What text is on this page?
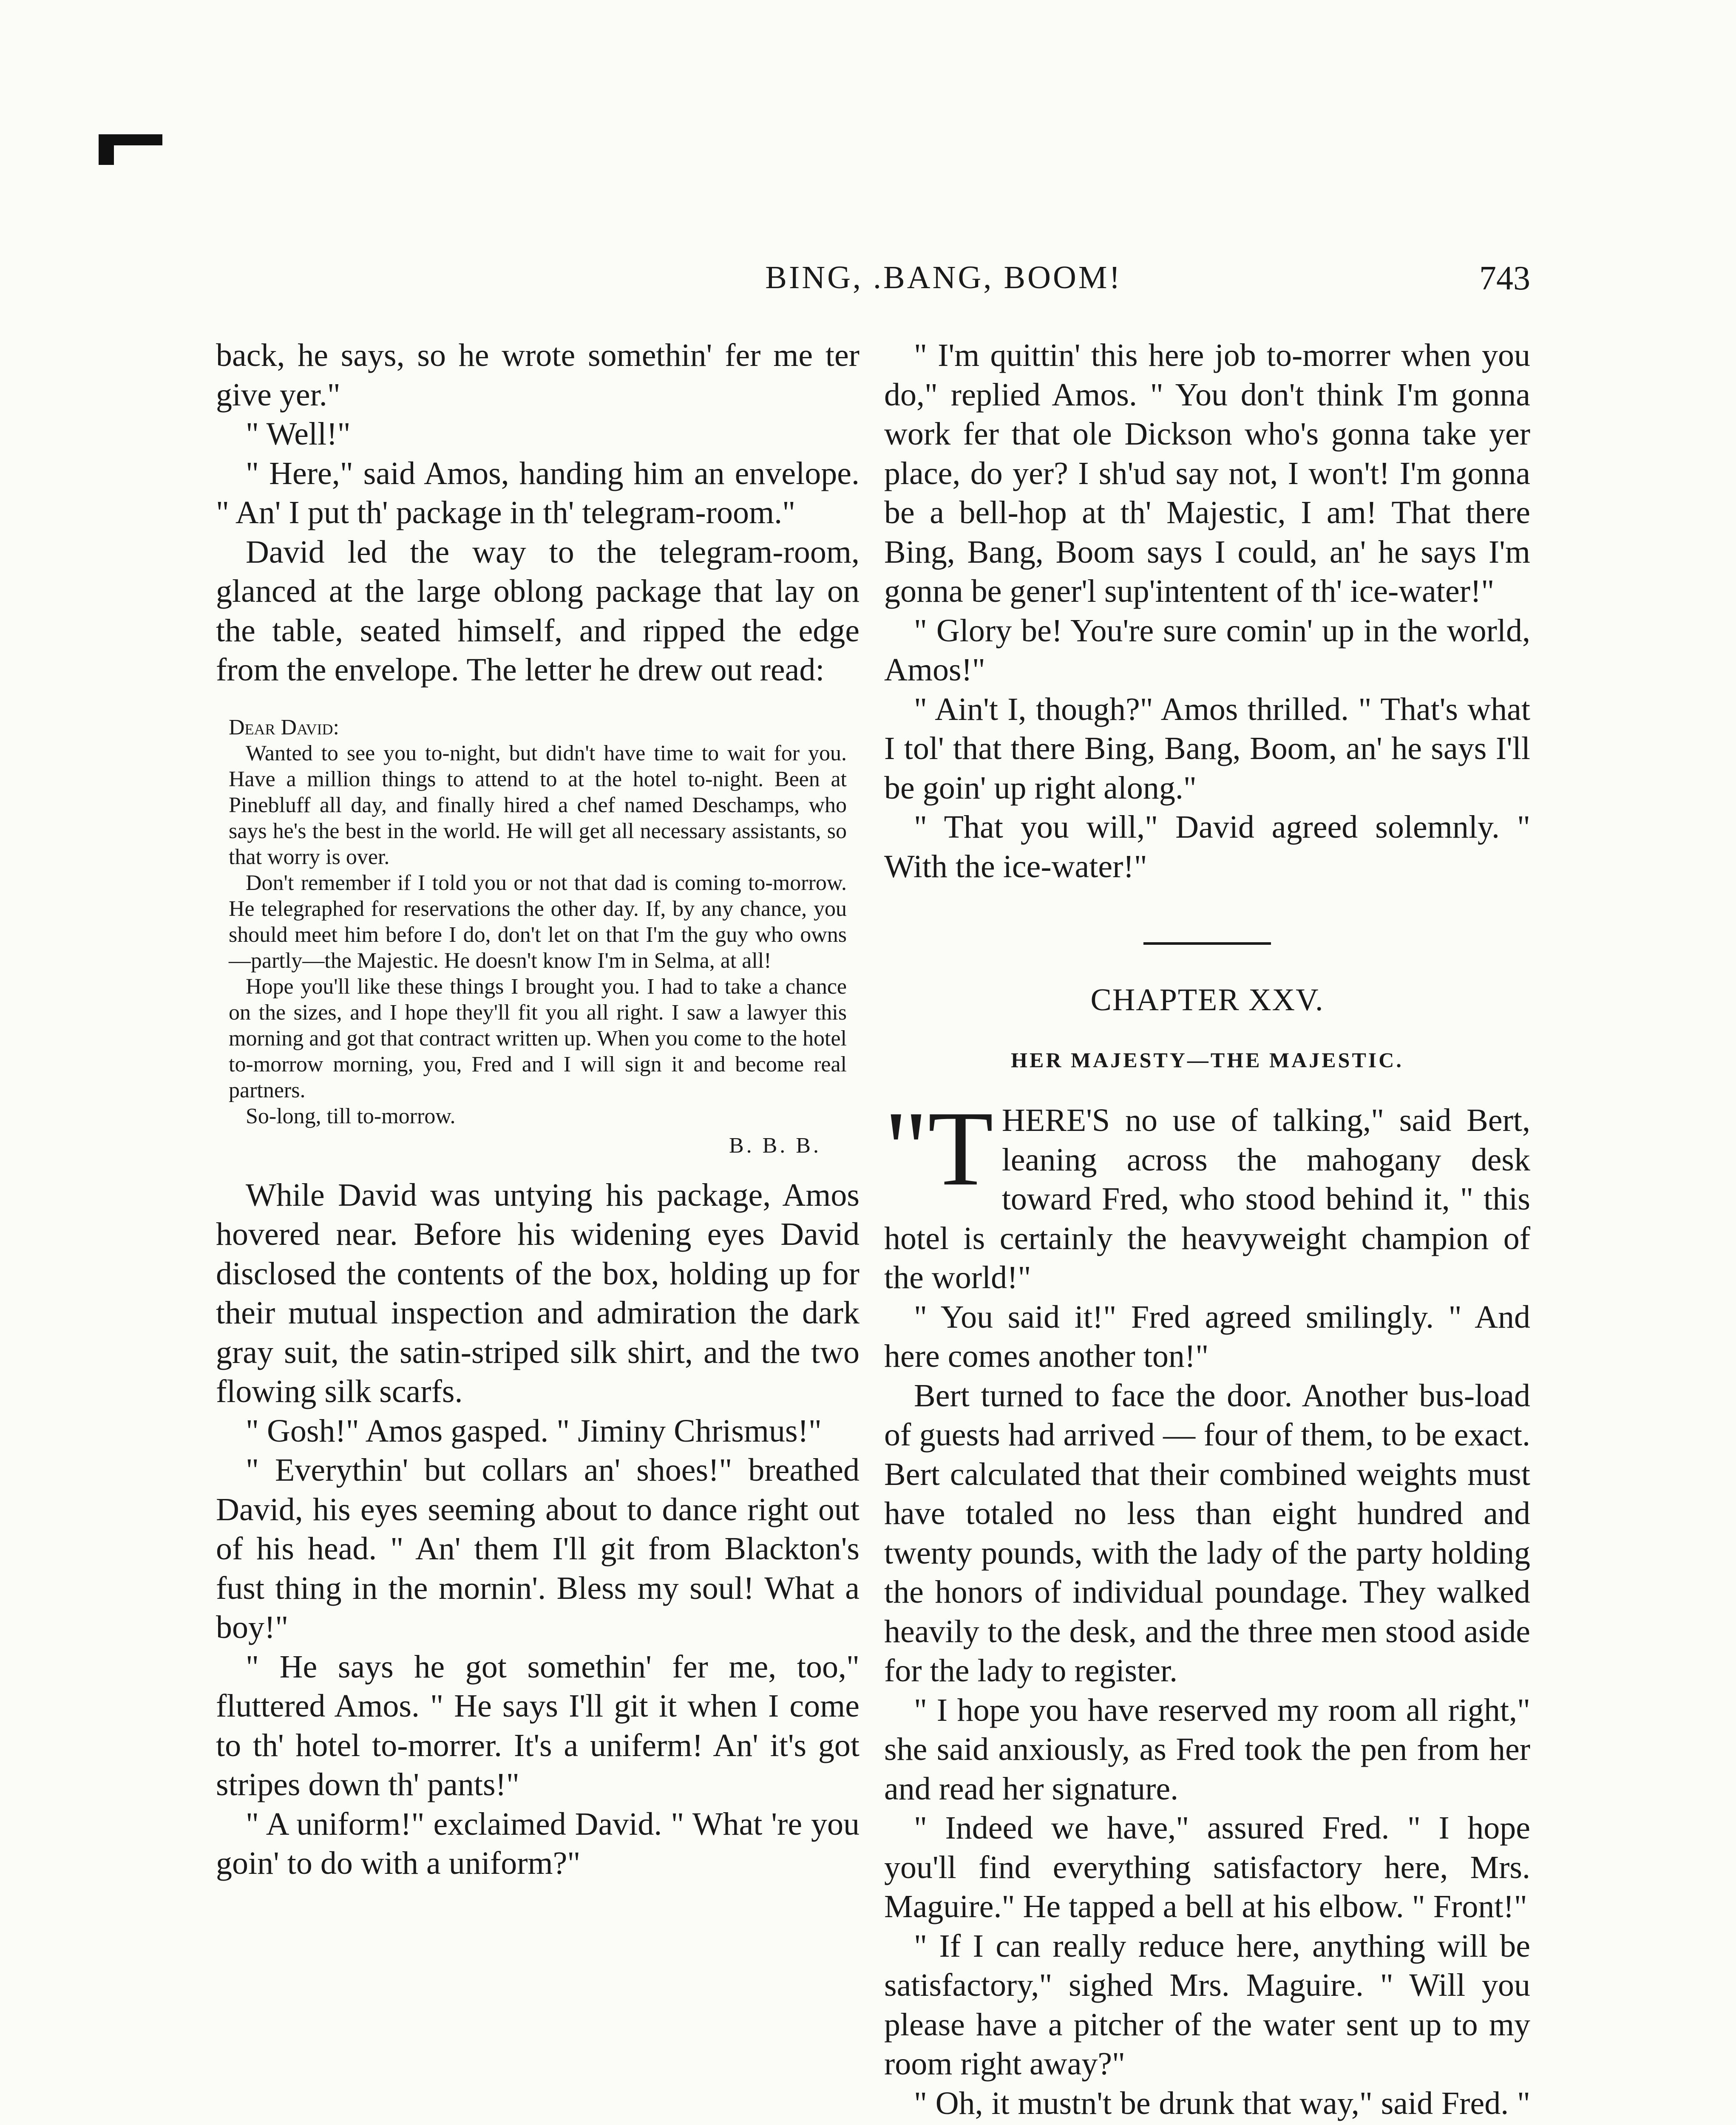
BING, .BANG, BOOM!	743

back, he says, so he wrote somethin' fer me ter give yer."

" Well!"

" Here," said Amos, handing him an envelope. " An' I put th' package in th' telegram-room."

David led the way to the telegram-room, glanced at the large oblong package that lay on the table, seated himself, and ripped the edge from the envelope. The letter he drew out read:

Dear David:

Wanted to see you to-night, but didn't have time to wait for you. Have a million things to attend to at the hotel to-night. Been at Pinebluff all day, and finally hired a chef named Deschamps, who says he's the best in the world. He will get all necessary assistants, so that worry is over.

Don't remember if I told you or not that dad is coming to-morrow. He telegraphed for reservations the other day. If, by any chance, you should meet him before I do, don't let on that I'm the guy who owns—partly—the Majestic. He doesn't know I'm in Selma, at all!

Hope you'll like these things I brought you. I had to take a chance on the sizes, and I hope they'll fit you all right. I saw a lawyer this morning and got that contract written up. When you come to the hotel to-morrow morning, you, Fred and I will sign it and become real partners.

So-long, till to-morrow.

B. B. B.

While David was untying his package, Amos hovered near. Before his widening eyes David disclosed the contents of the box, holding up for their mutual inspection and admiration the dark gray suit, the satin-striped silk shirt, and the two flowing silk scarfs.

" Gosh!" Amos gasped. " Jiminy Chrismus!"

" Everythin' but collars an' shoes!" breathed David, his eyes seeming about to dance right out of his head. " An' them I'll git from Blackton's fust thing in the mornin'. Bless my soul! What a boy!"

" He says he got somethin' fer me, too," fluttered Amos. " He says I'll git it when I come to th' hotel to-morrer. It's a uniferm! An' it's got stripes down th' pants!"

" A uniform!" exclaimed David. " What 're you goin' to do with a uniform?"

" I'm quittin' this here job to-morrer when you do," replied Amos. " You don't think I'm gonna work fer that ole Dickson who's gonna take yer place, do yer? I sh'ud say not, I won't! I'm gonna be a bell-hop at th' Majestic, I am! That there Bing, Bang, Boom says I could, an' he says I'm gonna be gener'l sup'intentent of th' ice-water!"

" Glory be! You're sure comin' up in the world, Amos!"

" Ain't I, though?" Amos thrilled. " That's what I tol' that there Bing, Bang, Boom, an' he says I'll be goin' up right along."

" That you will," David agreed solemnly. " With the ice-water!"

CHAPTER XXV.
HER MAJESTY—THE MAJESTIC.

"T HERE'S no use of talking," said Bert, leaning across the mahogany desk toward Fred, who stood behind it, " this hotel is certainly the heavyweight champion of the world!"

" You said it!" Fred agreed smilingly. " And here comes another ton!"

Bert turned to face the door. Another bus-load of guests had arrived — four of them, to be exact. Bert calculated that their combined weights must have totaled no less than eight hundred and twenty pounds, with the lady of the party holding the honors of individual poundage. They walked heavily to the desk, and the three men stood aside for the lady to register.

" I hope you have reserved my room all right," she said anxiously, as Fred took the pen from her and read her signature.

" Indeed we have," assured Fred. " I hope you'll find everything satisfactory here, Mrs. Maguire." He tapped a bell at his elbow. " Front!"

" If I can really reduce here, anything will be satisfactory," sighed Mrs. Maguire. " Will you please have a pitcher of the water sent up to my room right away?"

" Oh, it mustn't be drunk that way," said Fred. "
